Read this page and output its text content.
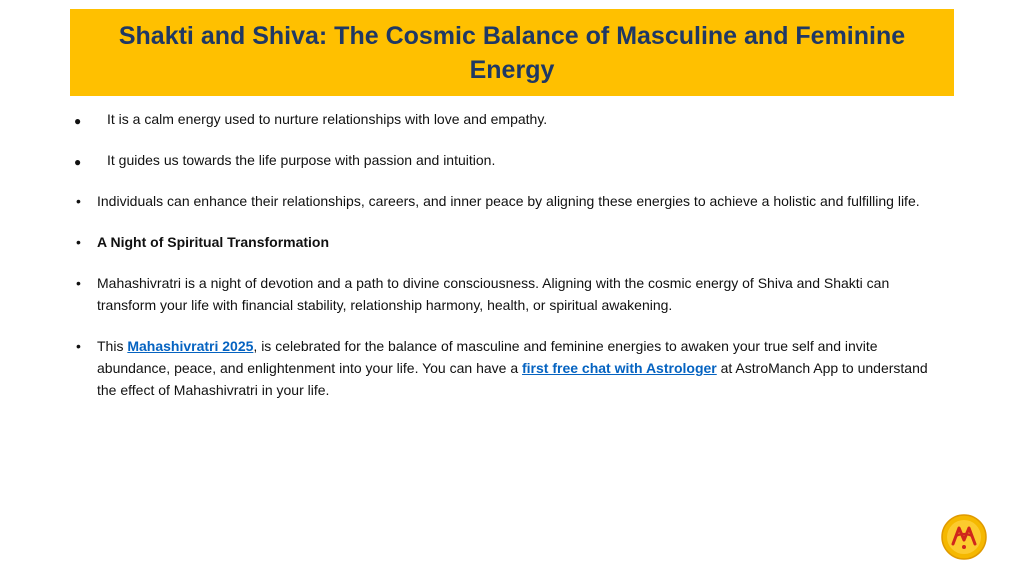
Shakti and Shiva: The Cosmic Balance of Masculine and Feminine Energy
● It is a calm energy used to nurture relationships with love and empathy.
● It guides us towards the life purpose with passion and intuition.
• Individuals can enhance their relationships, careers, and inner peace by aligning these energies to achieve a holistic and fulfilling life.
• A Night of Spiritual Transformation
• Mahashivratri is a night of devotion and a path to divine consciousness. Aligning with the cosmic energy of Shiva and Shakti can transform your life with financial stability, relationship harmony, health, or spiritual awakening.
• This Mahashivratri 2025, is celebrated for the balance of masculine and feminine energies to awaken your true self and invite abundance, peace, and enlightenment into your life. You can have a first free chat with Astrologer at AstroManch App to understand the effect of Mahashivratri in your life.
